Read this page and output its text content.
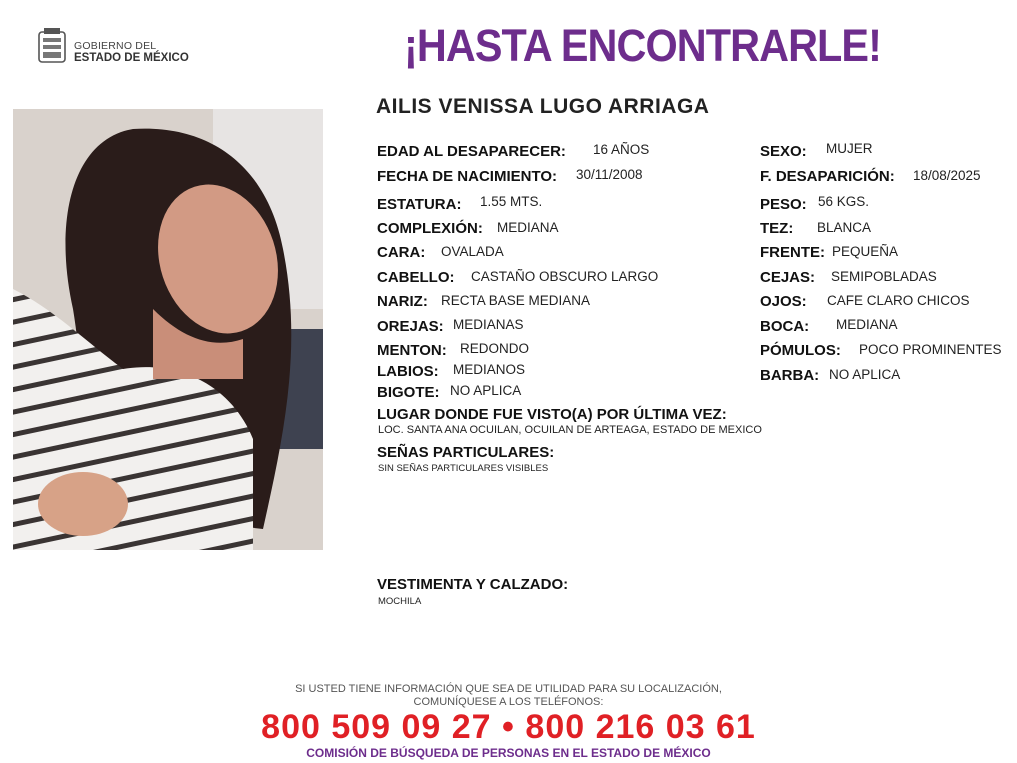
GOBIERNO DEL
ESTADO DE MÉXICO	¡HASTA ENCONTRARLE!
AILIS VENISSA LUGO ARRIAGA
EDAD AL DESAPARECER: 16 AÑOS
FECHA DE NACIMIENTO: 30/11/2008
ESTATURA: 1.55 MTS.
COMPLEXIÓN: MEDIANA
CARA: OVALADA
CABELLO: CASTAÑO OBSCURO LARGO
NARIZ: RECTA BASE MEDIANA
OREJAS: MEDIANAS
MENTON: REDONDO
LABIOS: MEDIANOS
BIGOTE: NO APLICA
SEXO: MUJER
F. DESAPARICIÓN: 18/08/2025
PESO: 56 KGS.
TEZ: BLANCA
FRENTE: PEQUEÑA
CEJAS: SEMIPOBLADAS
OJOS: CAFE CLARO CHICOS
BOCA: MEDIANA
PÓMULOS: POCO PROMINENTES
BARBA: NO APLICA
LUGAR DONDE FUE VISTO(A) POR ÚLTIMA VEZ:
LOC. SANTA ANA OCUILAN, OCUILAN DE ARTEAGA, ESTADO DE MEXICO
SEÑAS PARTICULARES:
SIN SEÑAS PARTICULARES VISIBLES
VESTIMENTA Y CALZADO:
MOCHILA
SI USTED TIENE INFORMACIÓN QUE SEA DE UTILIDAD PARA SU LOCALIZACIÓN,
COMUNÍQUESE A LOS TELÉFONOS:
800 509 09 27 • 800 216 03 61
COMISIÓN DE BÚSQUEDA DE PERSONAS EN EL ESTADO DE MÉXICO
